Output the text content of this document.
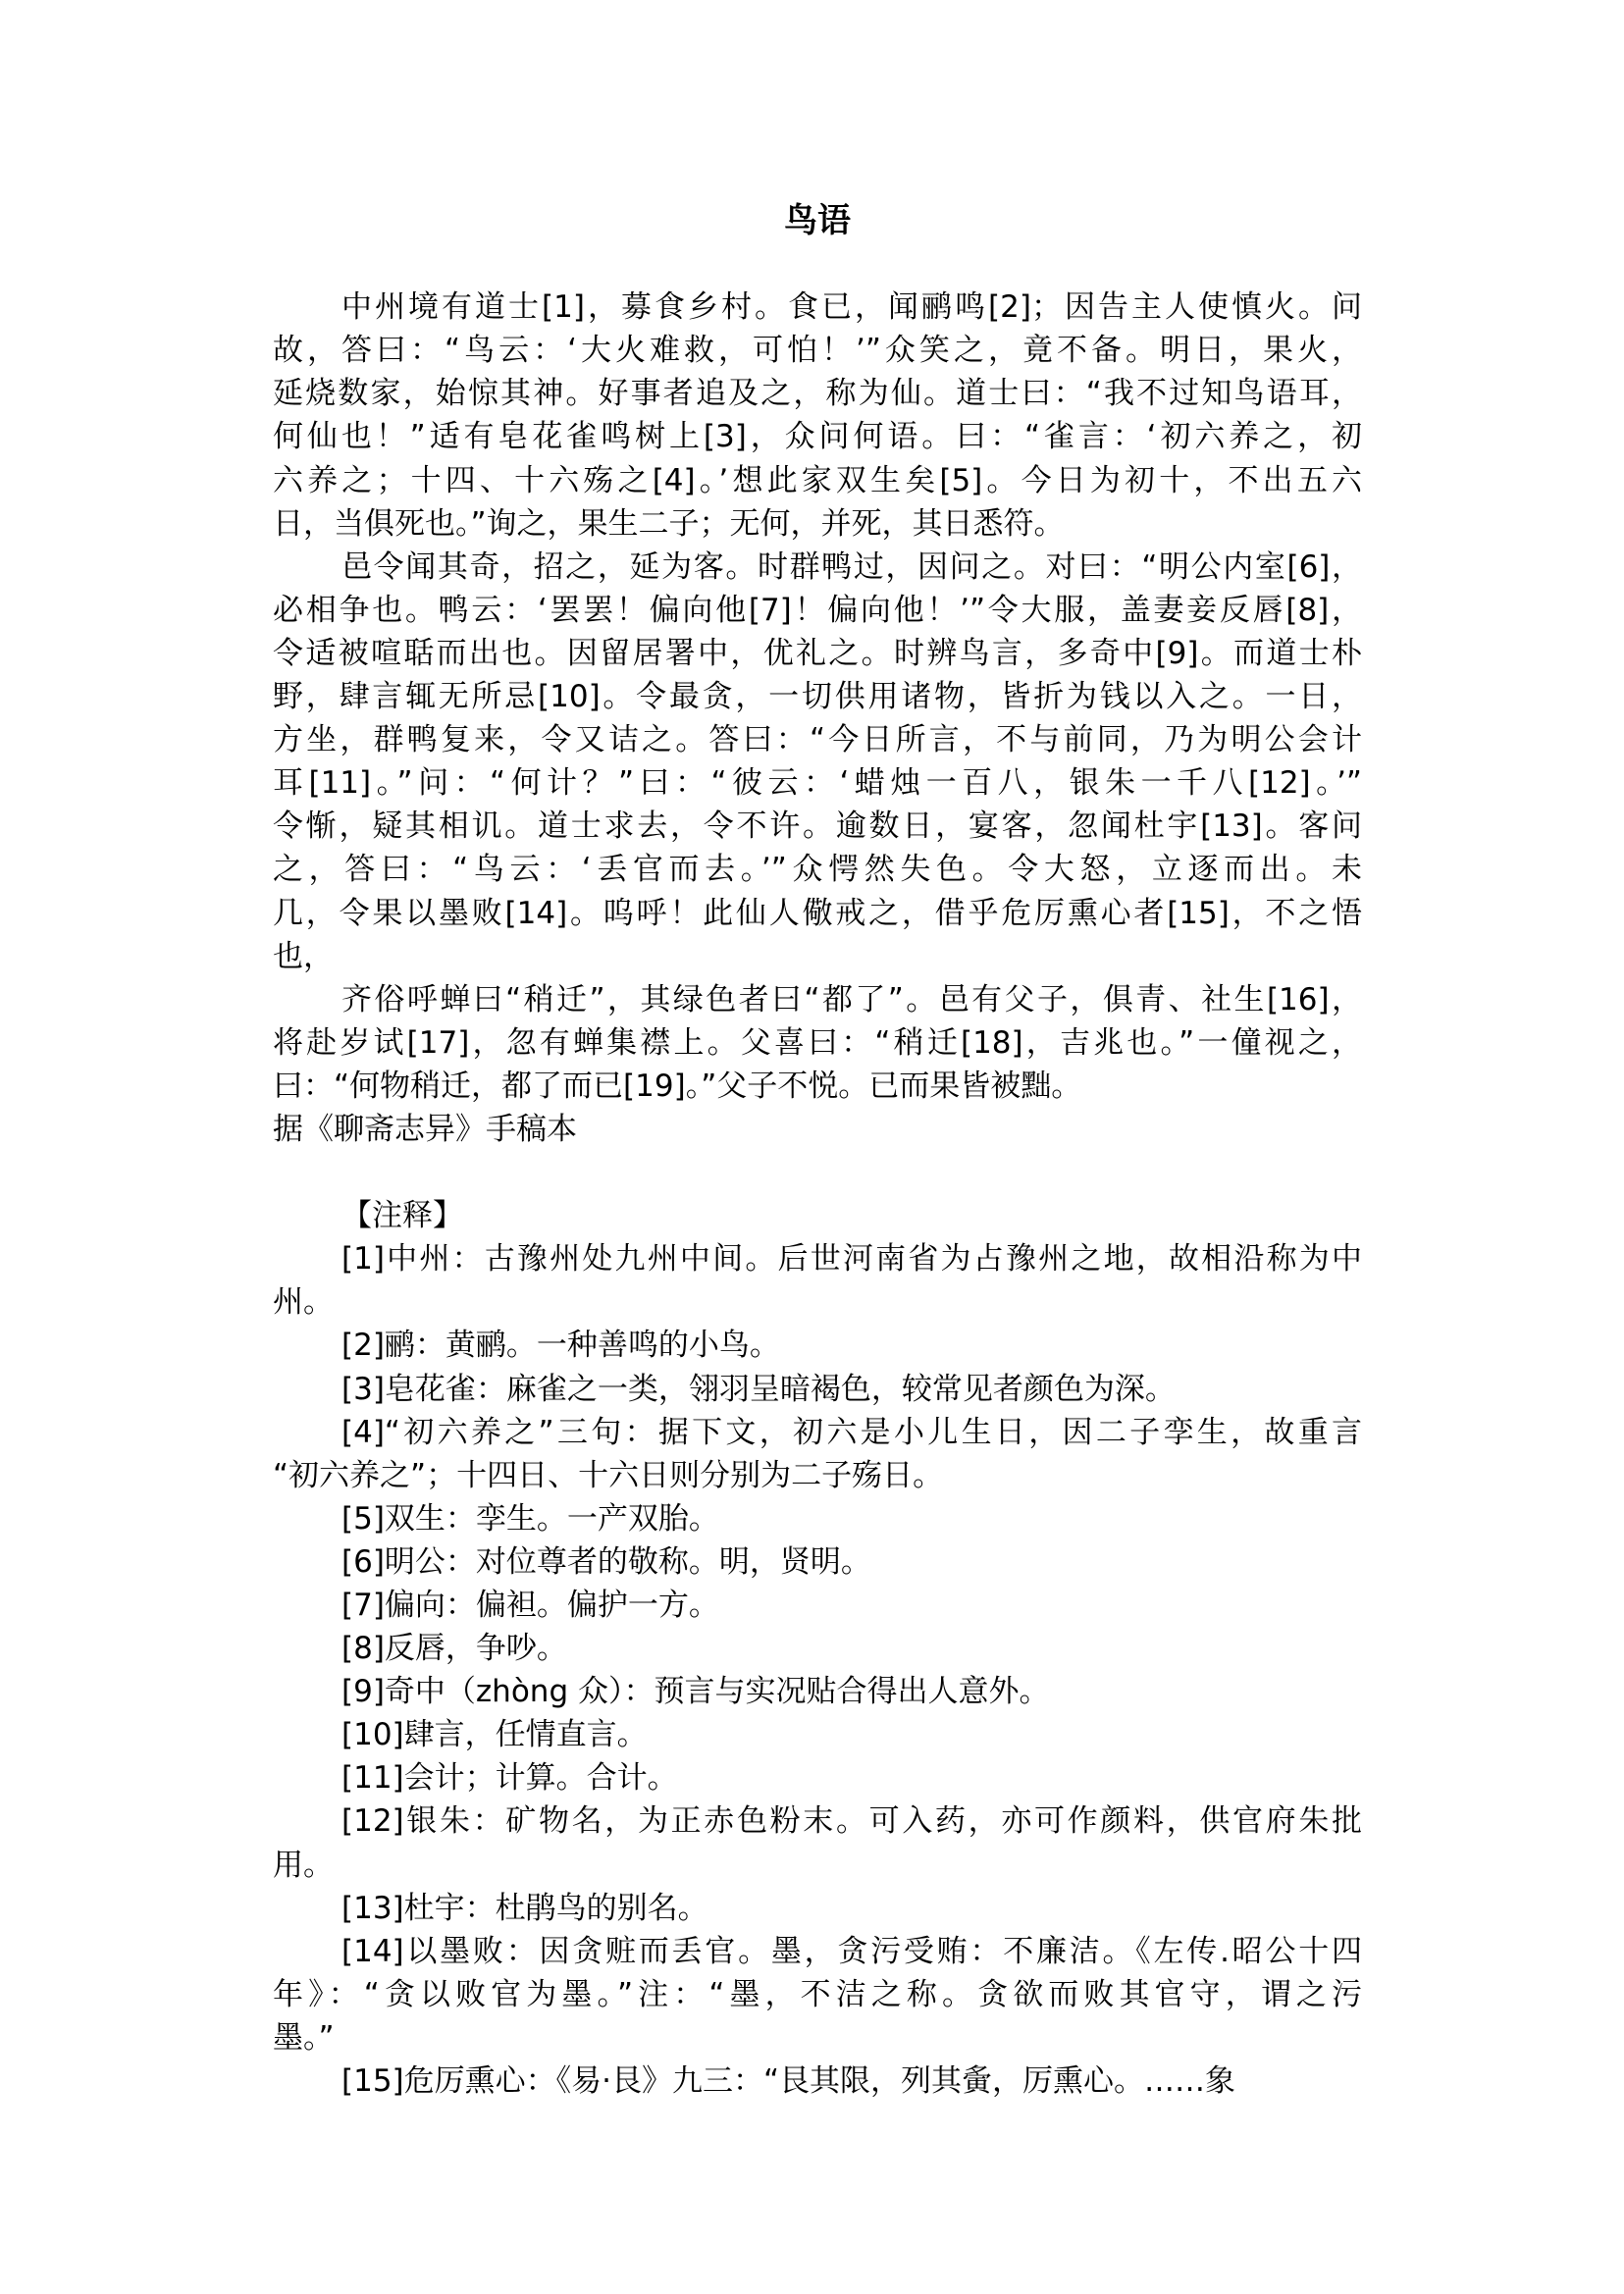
鸟语
中州境有道士[1]，募食乡村。食已，闻鹂鸣[2]；因告主人使慎火。问
故，答曰：“鸟云：‘大火难救，可怕！’”众笑之，竟不备。明日，果火，
延烧数家，始惊其神。好事者追及之，称为仙。道士曰：“我不过知鸟语耳，
何仙也！”适有皂花雀鸣树上[3]，众问何语。曰：“雀言：‘初六养之，初
六养之；十四、十六殇之[4]。’想此家双生矣[5]。今日为初十，不出五六
日，当俱死也。”询之，果生二子；无何，并死，其日悉符。
邑令闻其奇，招之，延为客。时群鸭过，因问之。对曰：“明公内室[6]，
必相争也。鸭云：‘罢罢！偏向他[7]！偏向他！’”令大服，盖妻妾反唇[8]，
令适被喧聒而出也。因留居署中，优礼之。时辨鸟言，多奇中[9]。而道士朴
野，肆言辄无所忌[10]。令最贪，一切供用诸物，皆折为钱以入之。一日，
方坐，群鸭复来，令又诘之。答曰：“今日所言，不与前同，乃为明公会计
耳[11]。”问：“何计？”曰：“彼云：‘蜡烛一百八，银朱一千八[12]。’”
令惭，疑其相讥。道士求去，令不许。逾数日，宴客，忽闻杜宇[13]。客问
之，答曰：“鸟云：‘丢官而去。’”众愕然失色。令大怒，立逐而出。未
几，令果以墨败[14]。呜呼！此仙人儆戒之，借乎危厉熏心者[15]，不之悟
也，
齐俗呼蝉曰“稍迁”，其绿色者曰“都了”。邑有父子，俱青、社生[16]，
将赴岁试[17]，忽有蝉集襟上。父喜曰：“稍迁[18]，吉兆也。”一僮视之，
曰：“何物稍迁，都了而已[19]。”父子不悦。已而果皆被黜。
据《聊斋志异》手稿本
【注释】
[1]中州：古豫州处九州中间。后世河南省为占豫州之地，故相沿称为中
州。
[2]鹂：黄鹂。一种善鸣的小鸟。
[3]皂花雀：麻雀之一类，翎羽呈暗褐色，较常见者颜色为深。
[4]“初六养之”三句：据下文，初六是小儿生日，因二子孪生，故重言
“初六养之”；十四日、十六日则分别为二子殇日。
[5]双生：孪生。一产双胎。
[6]明公：对位尊者的敬称。明，贤明。
[7]偏向：偏袒。偏护一方。
[8]反唇，争吵。
[9]奇中（zhòng 众）：预言与实况贴合得出人意外。
[10]肆言，任情直言。
[11]会计；计算。合计。
[12]银朱：矿物名，为正赤色粉末。可入药，亦可作颜料，供官府朱批
用。
[13]杜宇：杜鹃鸟的别名。
[14]以墨败：因贪赃而丢官。墨，贪污受贿：不廉洁。《左传.昭公十四
年》：“贪以败官为墨。”注：“墨，不洁之称。贪欲而败其官守，谓之污
墨。”
[15]危厉熏心：《易·艮》九三：“艮其限，列其夤，厉熏心。……象
